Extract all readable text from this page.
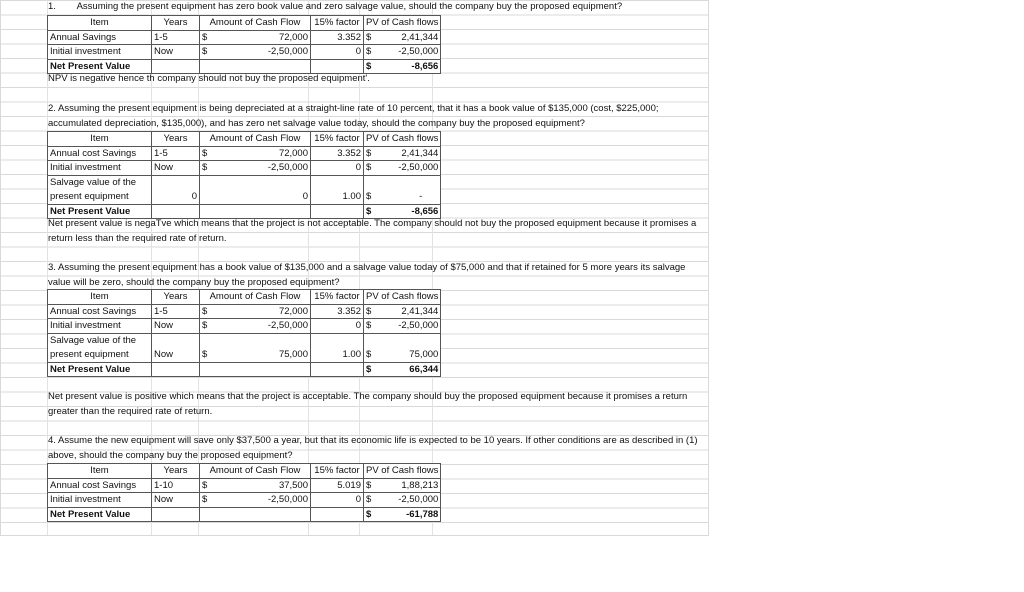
1. Assuming the present equipment has zero book value and zero salvage value, should the company buy the proposed equipment?
Item	Years	Amount of Cash Flow	15% factor	PV of Cash flows
Annual Savings	1-5	$ 72,000	3.352	$ 2,41,344

Initial investment	Now	$ -2,50,000	0	$ -2,50,000

Net Present Value				$ -8,656
NPV is negative hence th company should not buy the proposed equipment'.
2. Assuming the present equipment is being depreciated at a straight-line rate of 10 percent, that it has a book value of $135,000 (cost, $225,000; accumulated depreciation, $135,000), and has zero net salvage value today, should the company buy the proposed equipment?
Item	Years	Amount of Cash Flow	15% factor	PV of Cash flows
Annual cost Savings	1-5	$ 72,000	3.352	$ 2,41,344

Initial investment	Now	$ -2,50,000	0	$ -2,50,000

Salvage value of the present equipment	0	0	1.00	$ -

Net Present Value				$ -8,656
Net present value is negaTve which means that the project is not acceptable. The company should not buy the proposed equipment because it promises a return less than the required rate of return.
3. Assuming the present equipment has a book value of $135,000 and a salvage value today of $75,000 and that if retained for 5 more years its salvage value will be zero, should the company buy the proposed equipment?
Item	Years	Amount of Cash Flow	15% factor	PV of Cash flows
Annual cost Savings	1-5	$ 72,000	3.352	$ 2,41,344

Initial investment	Now	$ -2,50,000	0	$ -2,50,000

Salvage value of the present equipment	Now	$ 75,000	1.00	$ 75,000

Net Present Value				$ 66,344
Net present value is positive which means that the project is acceptable. The company should buy the proposed equipment because it promises a return greater than the required rate of return.
4. Assume the new equipment will save only $37,500 a year, but that its economic life is expected to be 10 years. If other conditions are as described in (1) above, should the company buy the proposed equipment?
Item	Years	Amount of Cash Flow	15% factor	PV of Cash flows
Annual cost Savings	1-10	$ 37,500	5.019	$ 1,88,213

Initial investment	Now	$ -2,50,000	0	$ -2,50,000

Net Present Value				$ -61,788
